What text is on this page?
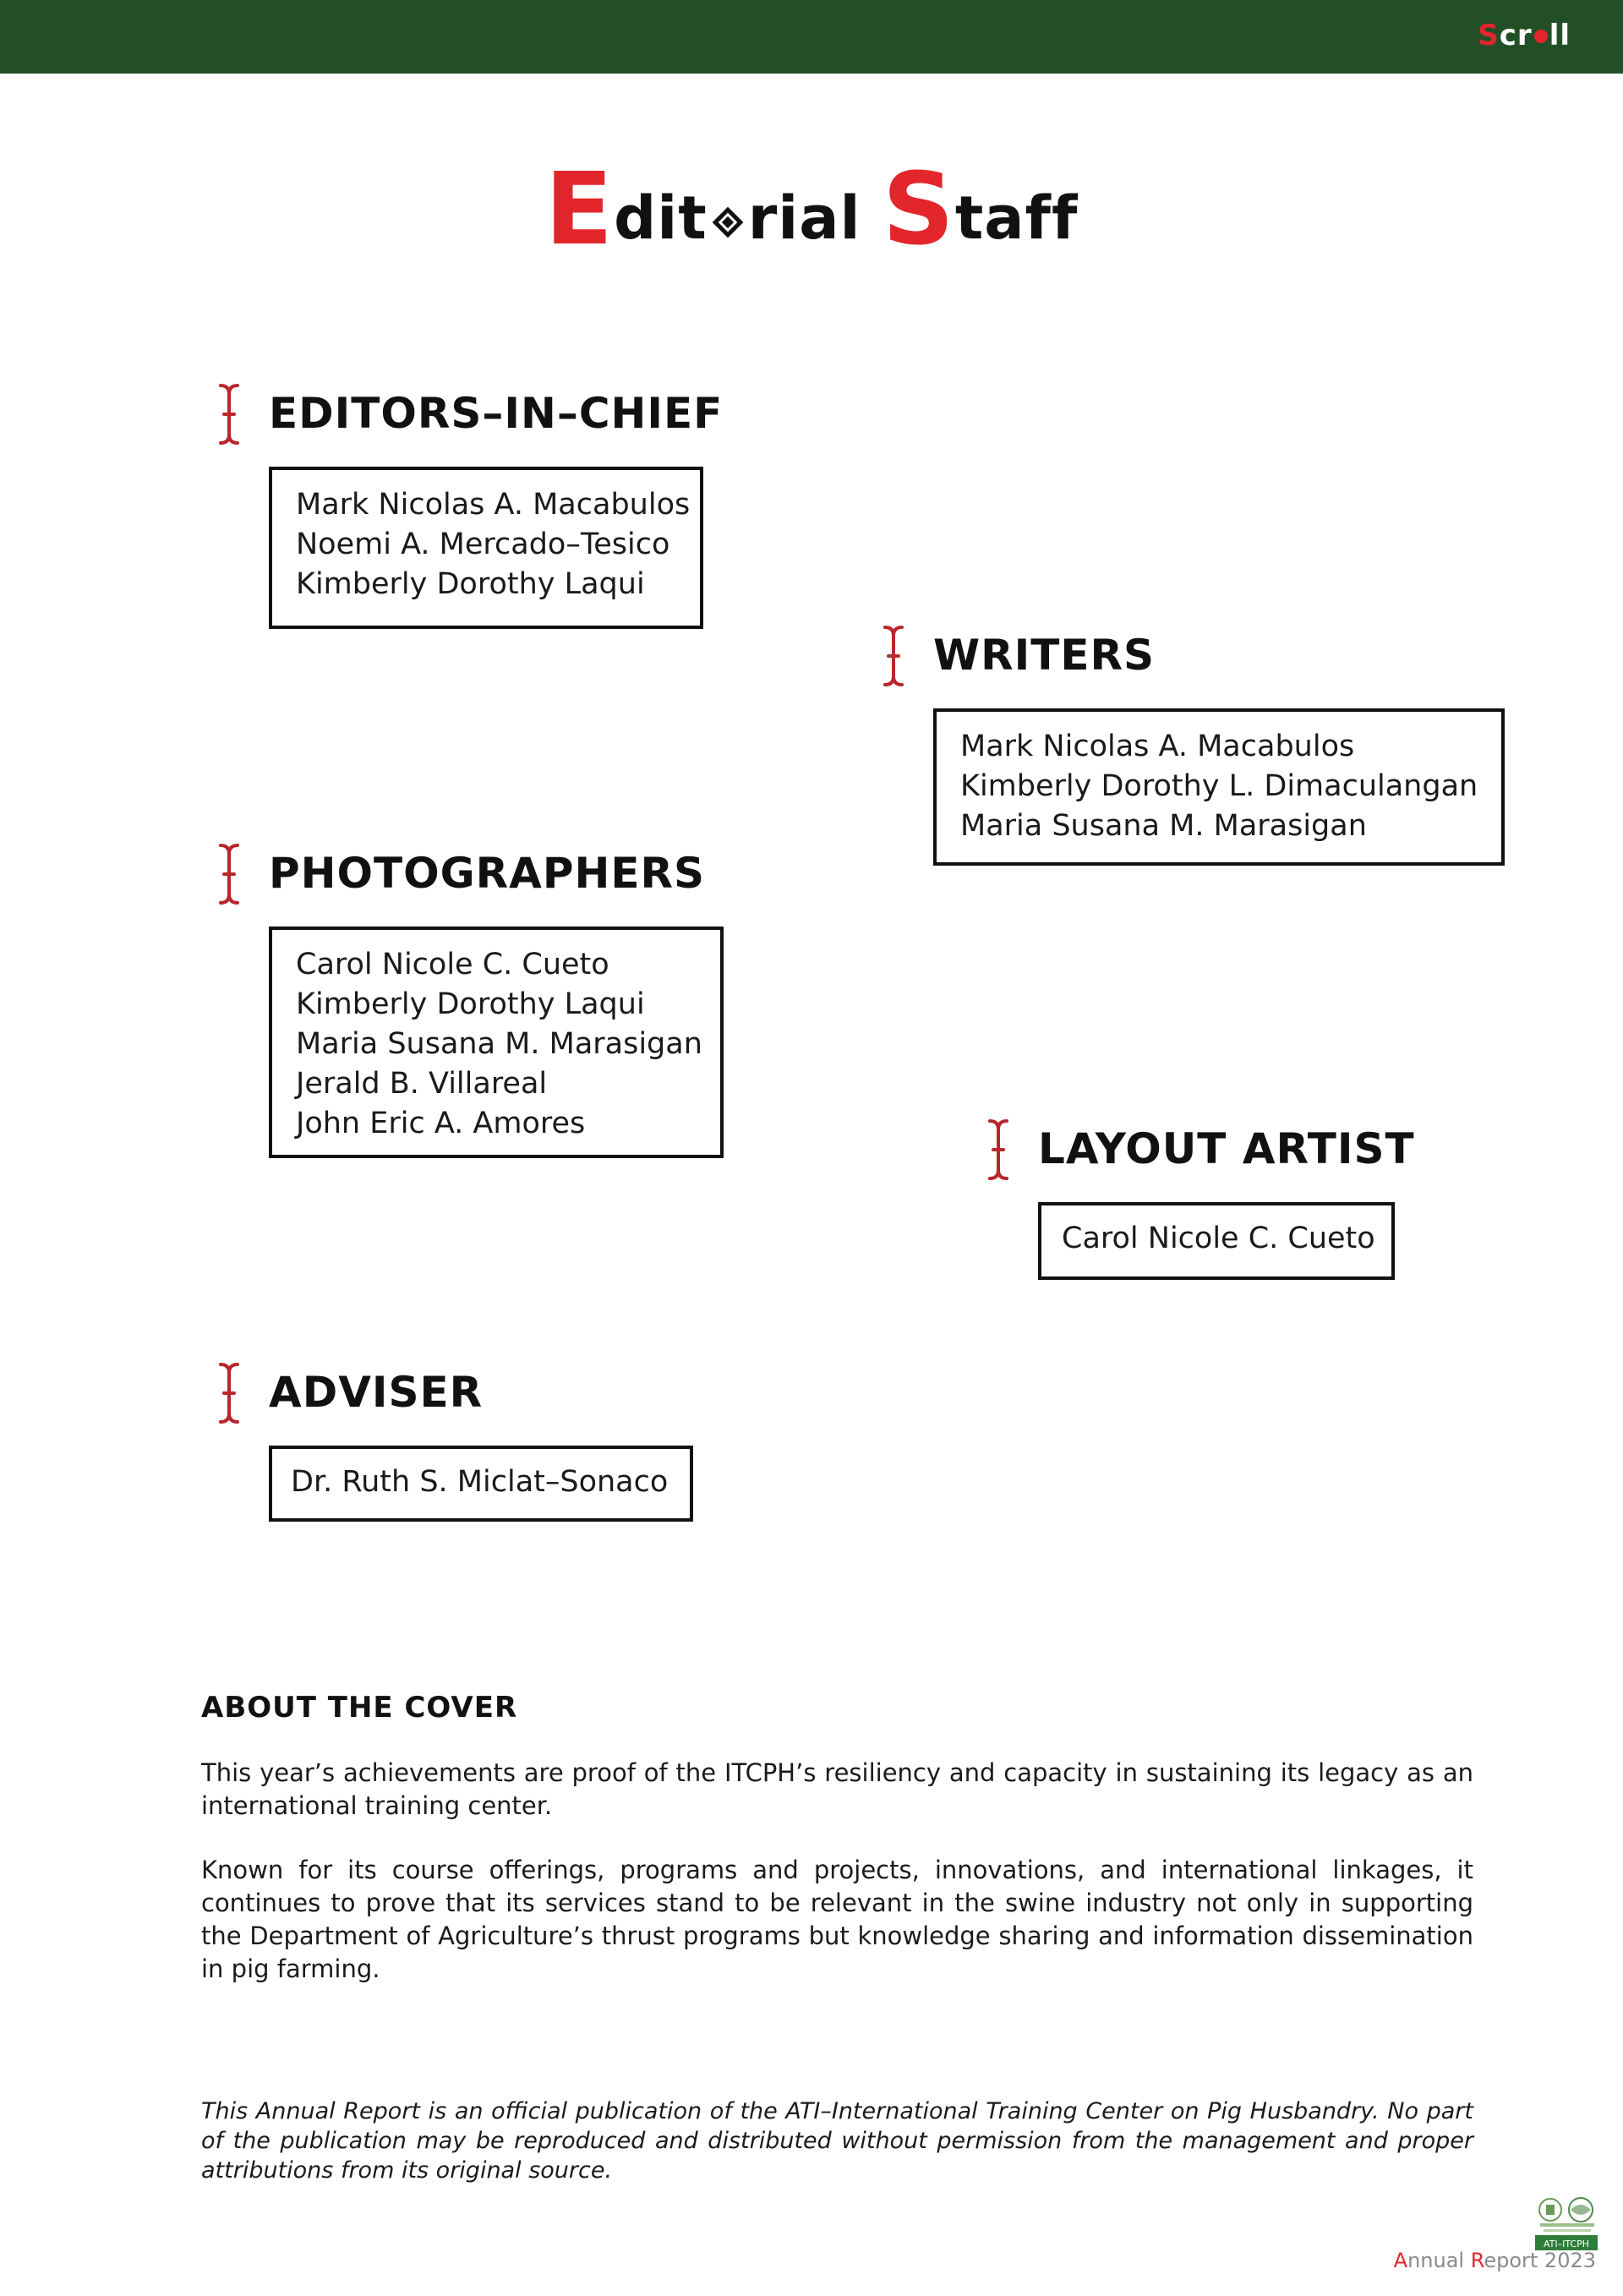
Scr ll
Edit rial Staff
EDITORS–IN–CHIEF
Mark Nicolas A. Macabulos
Noemi A. Mercado–Tesico
Kimberly Dorothy Laqui
WRITERS
Mark Nicolas A. Macabulos
Kimberly Dorothy L. Dimaculangan
Maria Susana M. Marasigan
PHOTOGRAPHERS
Carol Nicole C. Cueto
Kimberly Dorothy Laqui
Maria Susana M. Marasigan
Jerald B. Villareal
John Eric A. Amores
LAYOUT ARTIST
Carol Nicole C. Cueto
ADVISER
Dr. Ruth S. Miclat–Sonaco
ABOUT THE COVER

This year’s achievements are proof of the ITCPH’s resiliency and capacity in sustaining its legacy as an international training center.

Known for its course offerings, programs and projects, innovations, and international linkages, it continues to prove that its services stand to be relevant in the swine industry not only in supporting the Department of Agriculture’s thrust programs but knowledge sharing and information dissemination in pig farming.

This Annual Report is an official publication of the ATI–International Training Center on Pig Husbandry. No part of the publication may be reproduced and distributed without permission from the management and proper attributions from its original source.

ATI–ITCPH
Annual Report 2023
